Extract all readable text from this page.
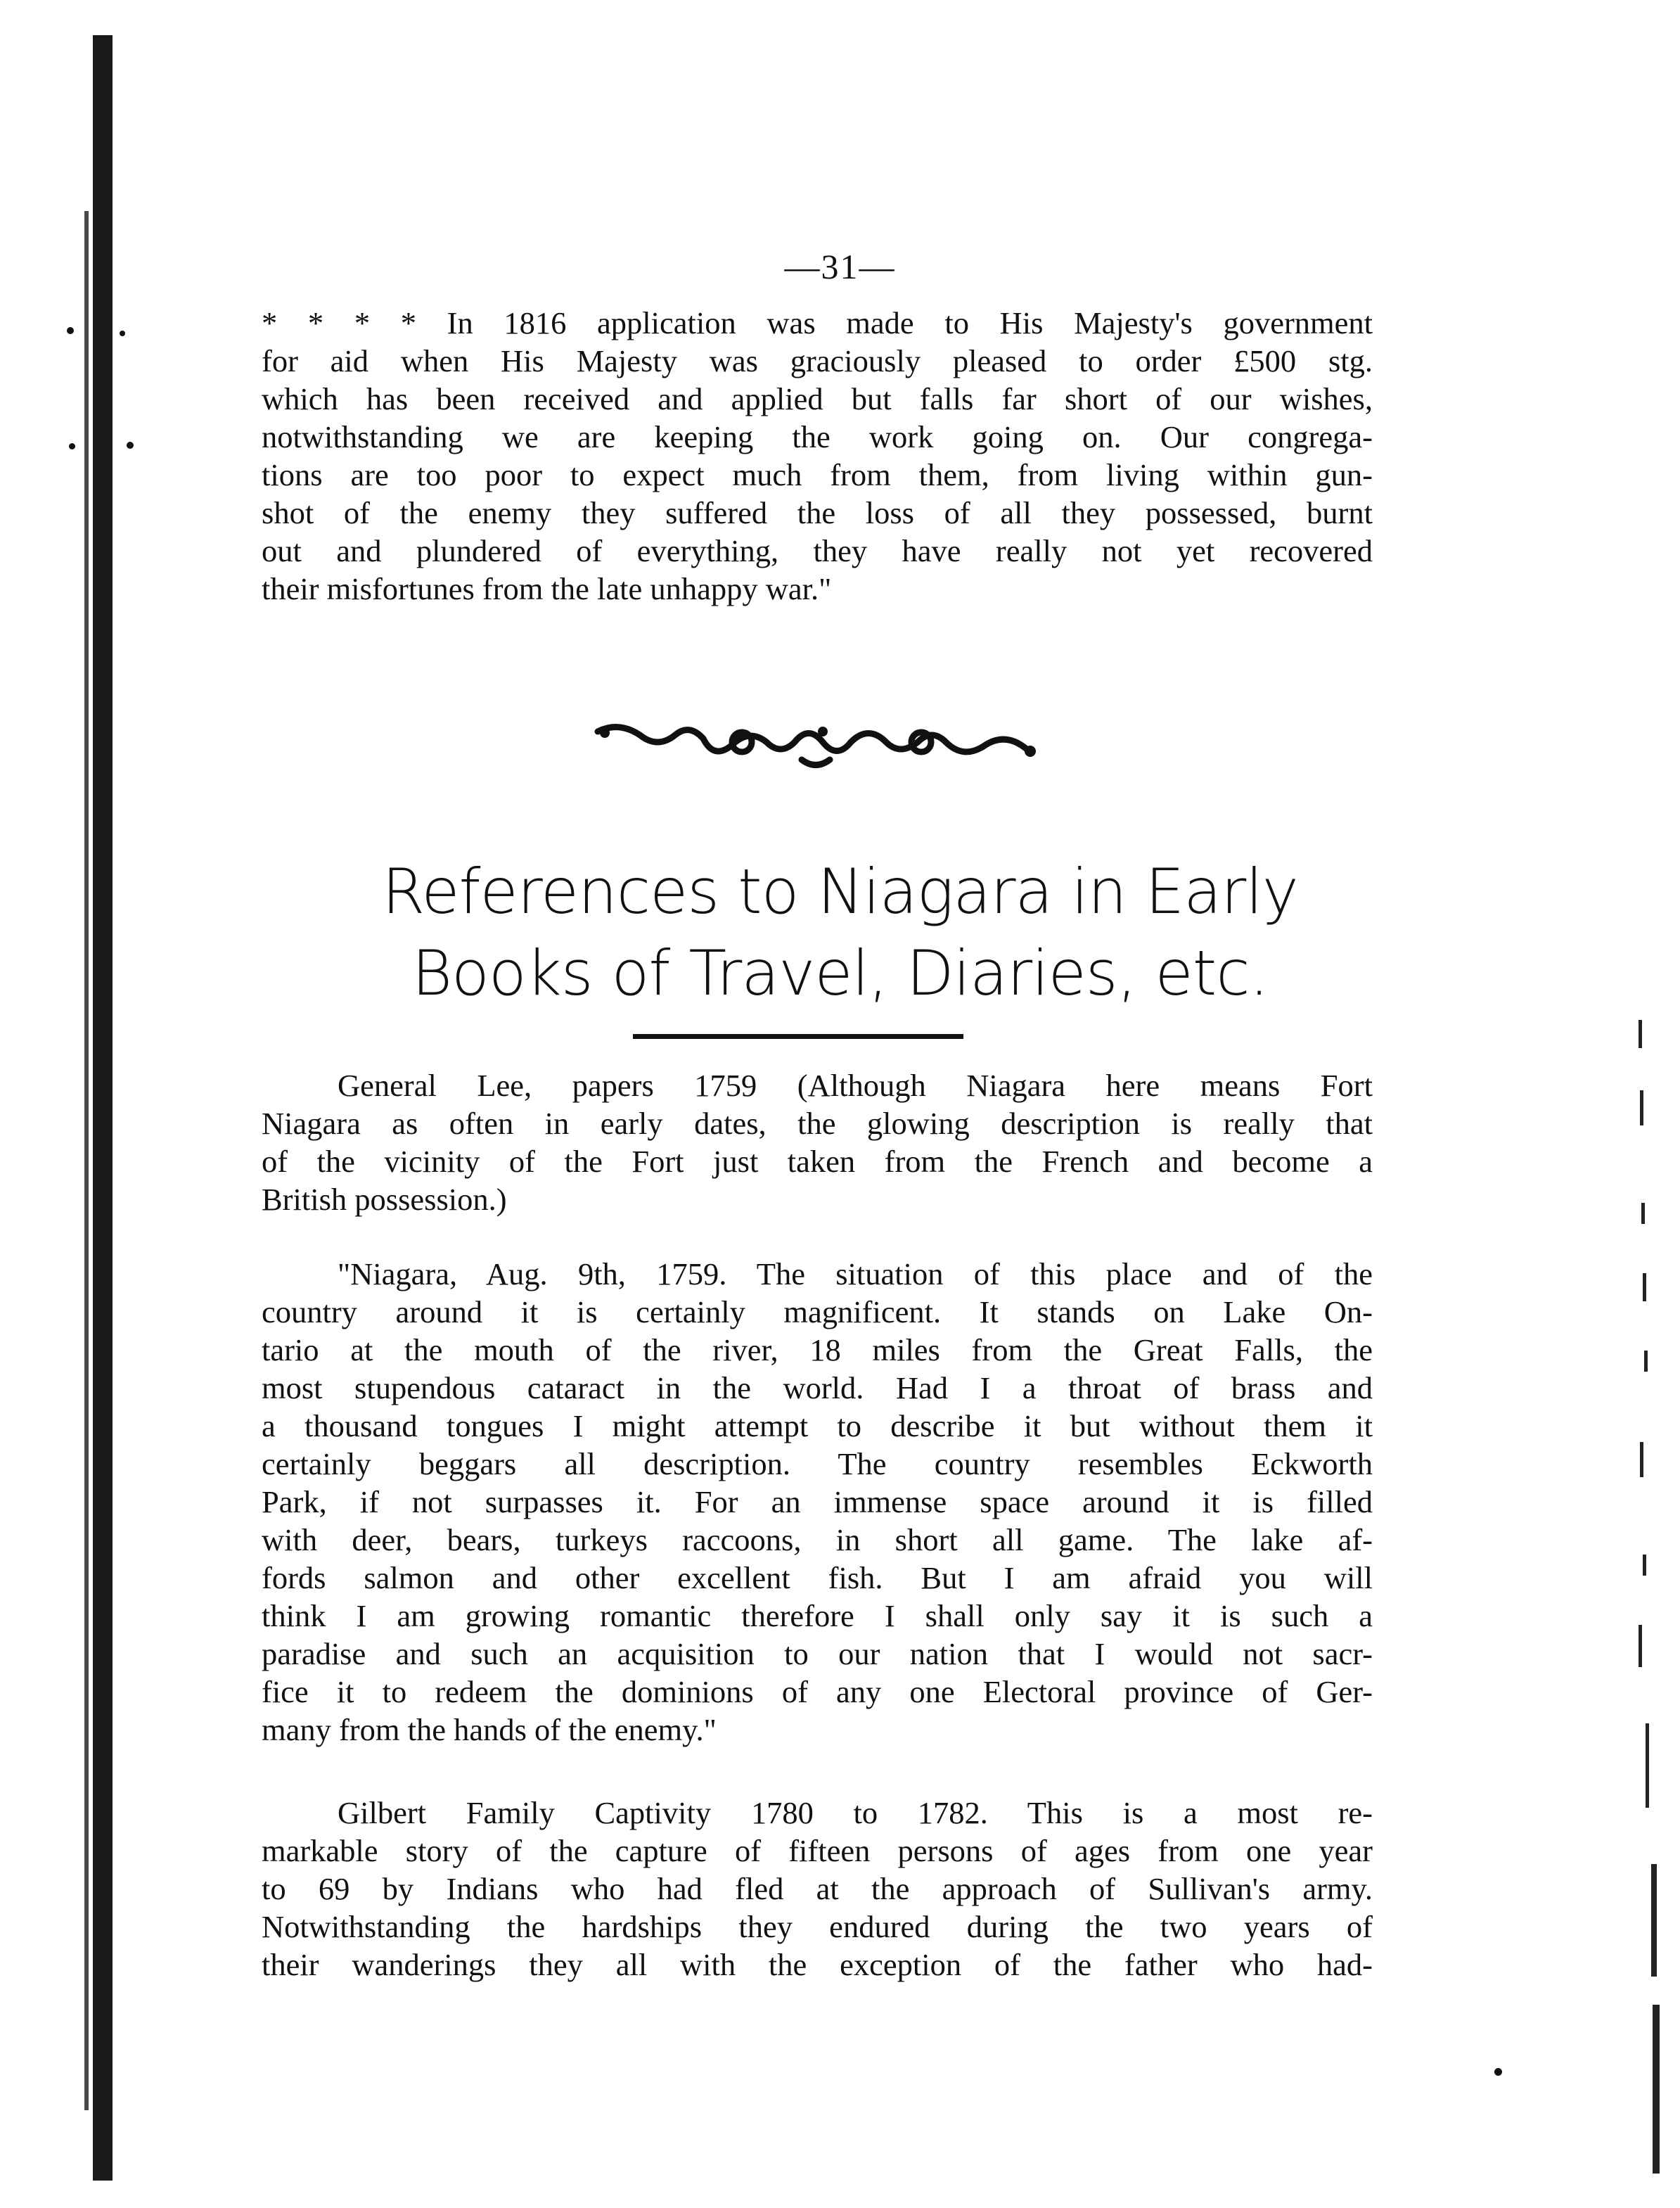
—31—

* * * * In 1816 application was made to His Majesty's government
for aid when His Majesty was graciously pleased to order £500 stg.
which has been received and applied but falls far short of our wishes,
notwithstanding we are keeping the work going on. Our congrega-
tions are too poor to expect much from them, from living within gun-
shot of the enemy they suffered the loss of all they possessed, burnt
out and plundered of everything, they have really not yet recovered
their misfortunes from the late unhappy war."

References to Niagara in Early
Books of Travel, Diaries, etc.

General Lee, papers 1759 (Although Niagara here means Fort
Niagara as often in early dates, the glowing description is really that
of the vicinity of the Fort just taken from the French and become a
British possession.)

"Niagara, Aug. 9th, 1759. The situation of this place and of the
country around it is certainly magnificent. It stands on Lake On-
tario at the mouth of the river, 18 miles from the Great Falls, the
most stupendous cataract in the world. Had I a throat of brass and
a thousand tongues I might attempt to describe it but without them it
certainly beggars all description. The country resembles Eckworth
Park, if not surpasses it. For an immense space around it is filled
with deer, bears, turkeys raccoons, in short all game. The lake af-
fords salmon and other excellent fish. But I am afraid you will
think I am growing romantic therefore I shall only say it is such a
paradise and such an acquisition to our nation that I would not sacr-
fice it to redeem the dominions of any one Electoral province of Ger-
many from the hands of the enemy."

Gilbert Family Captivity 1780 to 1782. This is a most re-
markable story of the capture of fifteen persons of ages from one year
to 69 by Indians who had fled at the approach of Sullivan's army.
Notwithstanding the hardships they endured during the two years of
their wanderings they all with the exception of the father who had-
